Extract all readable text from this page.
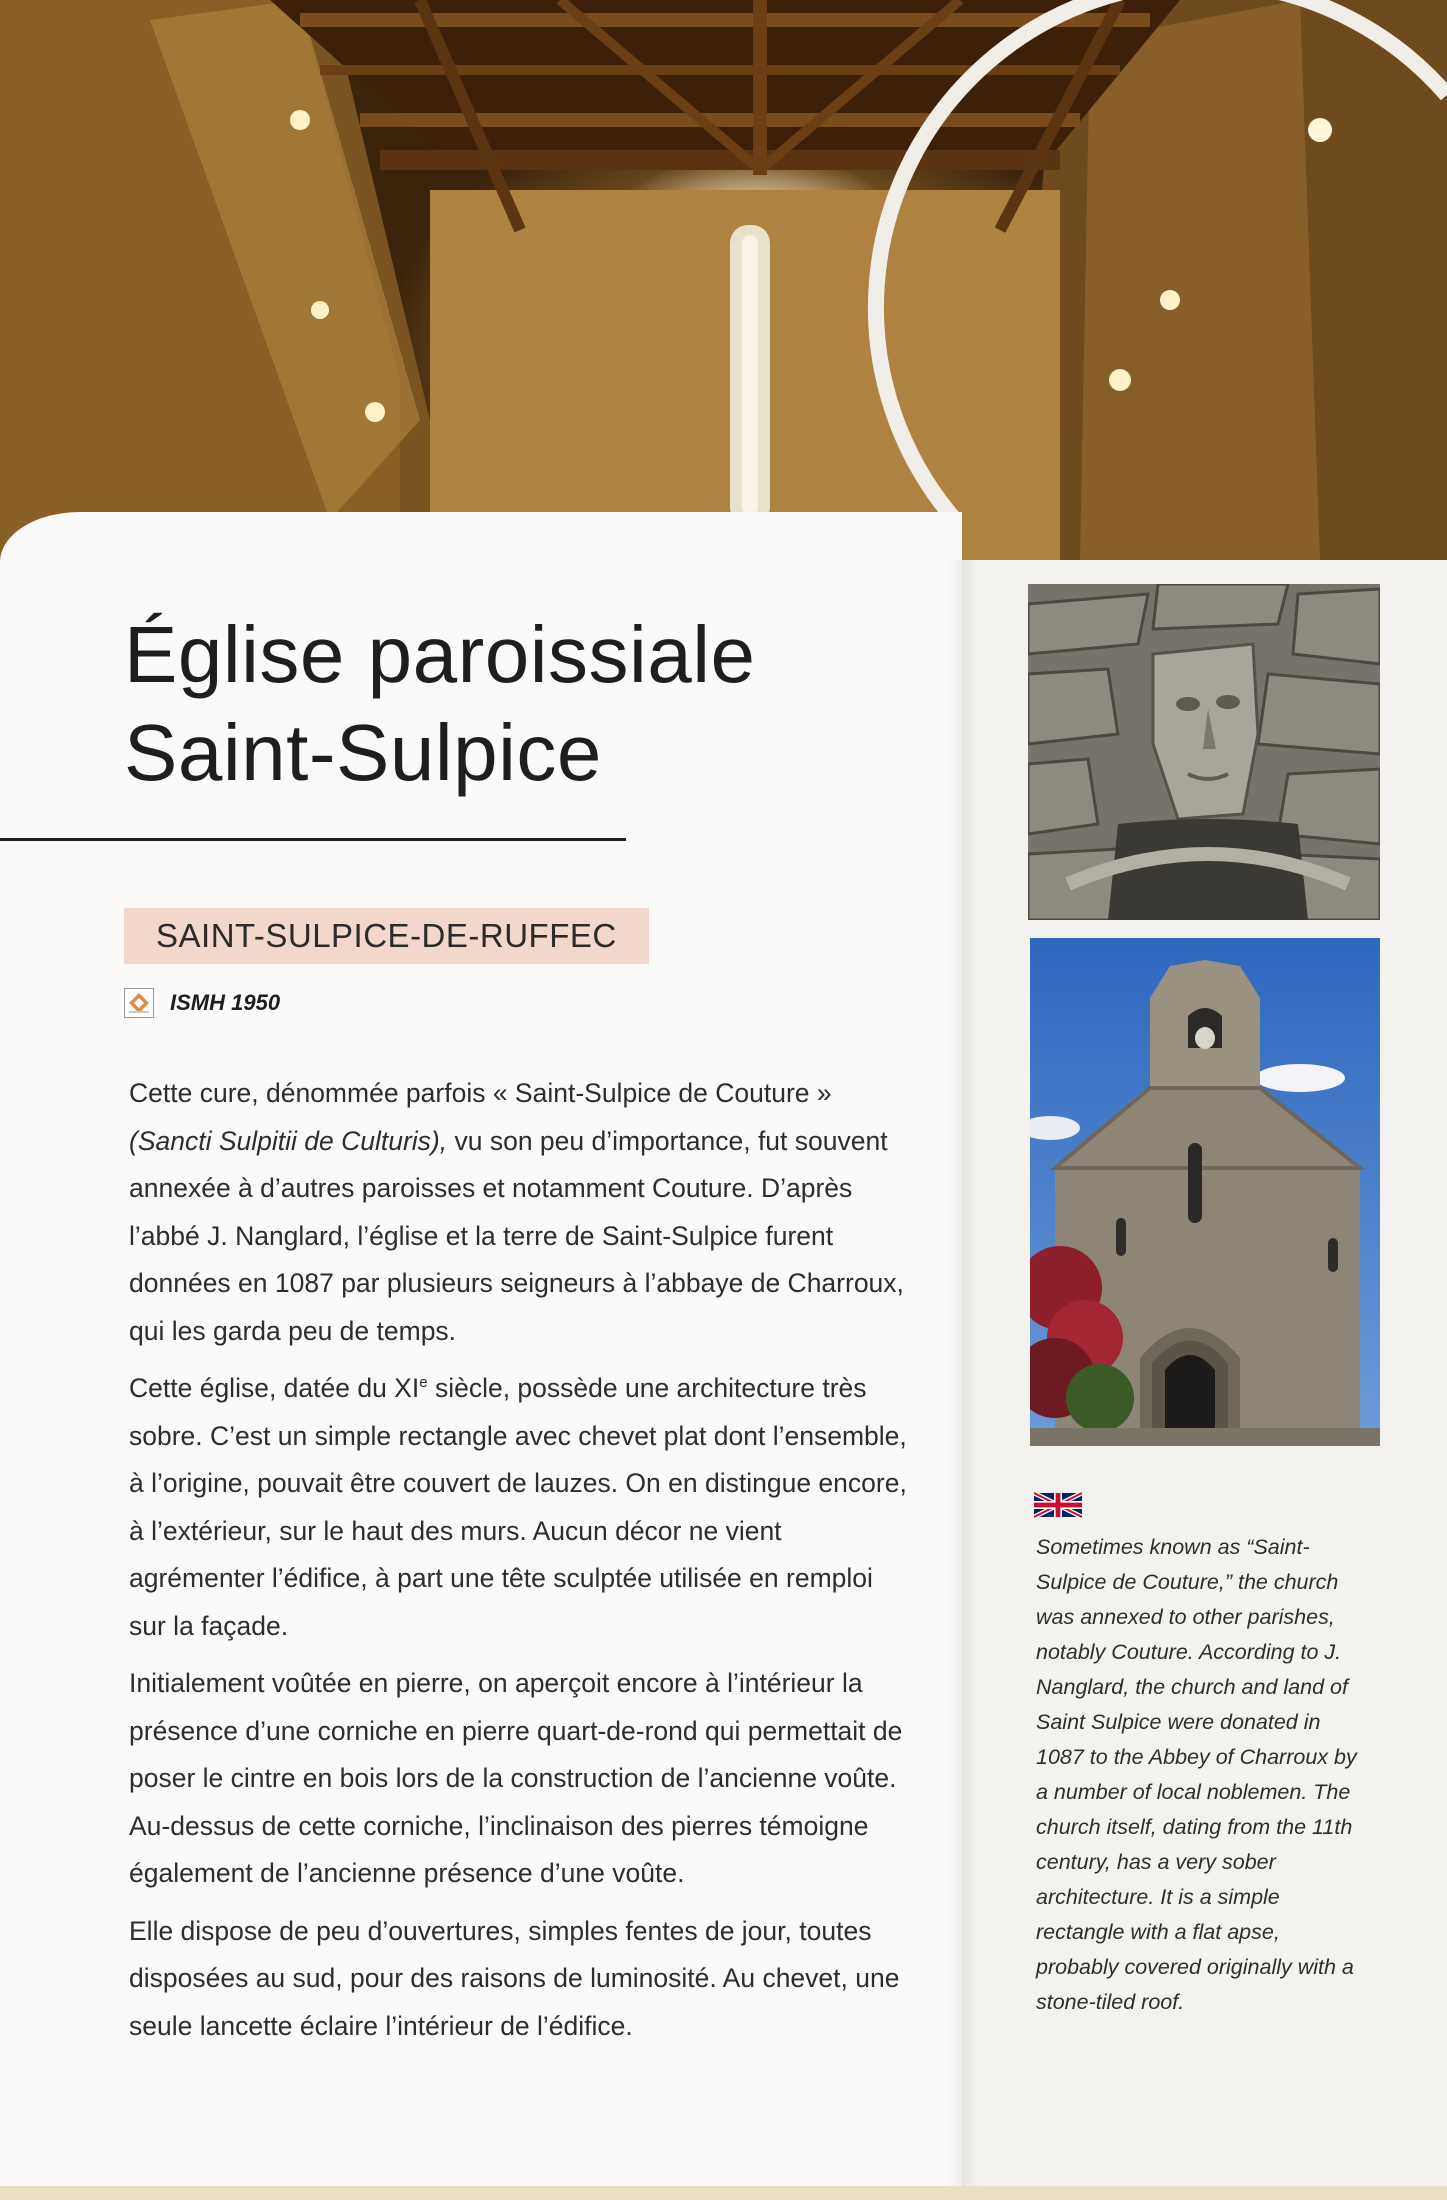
Église paroissiale
Saint-Sulpice
SAINT-SULPICE-DE-RUFFEC
ISMH 1950

Cette cure, dénommée parfois « Saint-Sulpice de Couture » (Sancti Sulpitii de Culturis), vu son peu d’importance, fut souvent annexée à d’autres paroisses et notamment Couture. D’après l’abbé J. Nanglard, l’église et la terre de Saint-Sulpice furent données en 1087 par plusieurs seigneurs à l’abbaye de Charroux, qui les garda peu de temps.

Cette église, datée du XIe siècle, possède une architecture très sobre. C’est un simple rectangle avec chevet plat dont l’ensemble, à l’origine, pouvait être couvert de lauzes. On en distingue encore, à l’extérieur, sur le haut des murs. Aucun décor ne vient agrémenter l’édifice, à part une tête sculptée utilisée en remploi sur la façade.

Initialement voûtée en pierre, on aperçoit encore à l’intérieur la présence d’une corniche en pierre quart-de-rond qui permettait de poser le cintre en bois lors de la construction de l’ancienne voûte. Au-dessus de cette corniche, l’inclinaison des pierres témoigne également de l’ancienne présence d’une voûte.

Elle dispose de peu d’ouvertures, simples fentes de jour, toutes disposées au sud, pour des raisons de luminosité. Au chevet, une seule lancette éclaire l’intérieur de l’édifice.

Sometimes known as “Saint-Sulpice de Couture,” the church was annexed to other parishes, notably Couture. According to J. Nanglard, the church and land of Saint Sulpice were donated in 1087 to the Abbey of Charroux by a number of local noblemen. The church itself, dating from the 11th century, has a very sober architecture. It is a simple rectangle with a flat apse, probably covered originally with a stone-tiled roof.
